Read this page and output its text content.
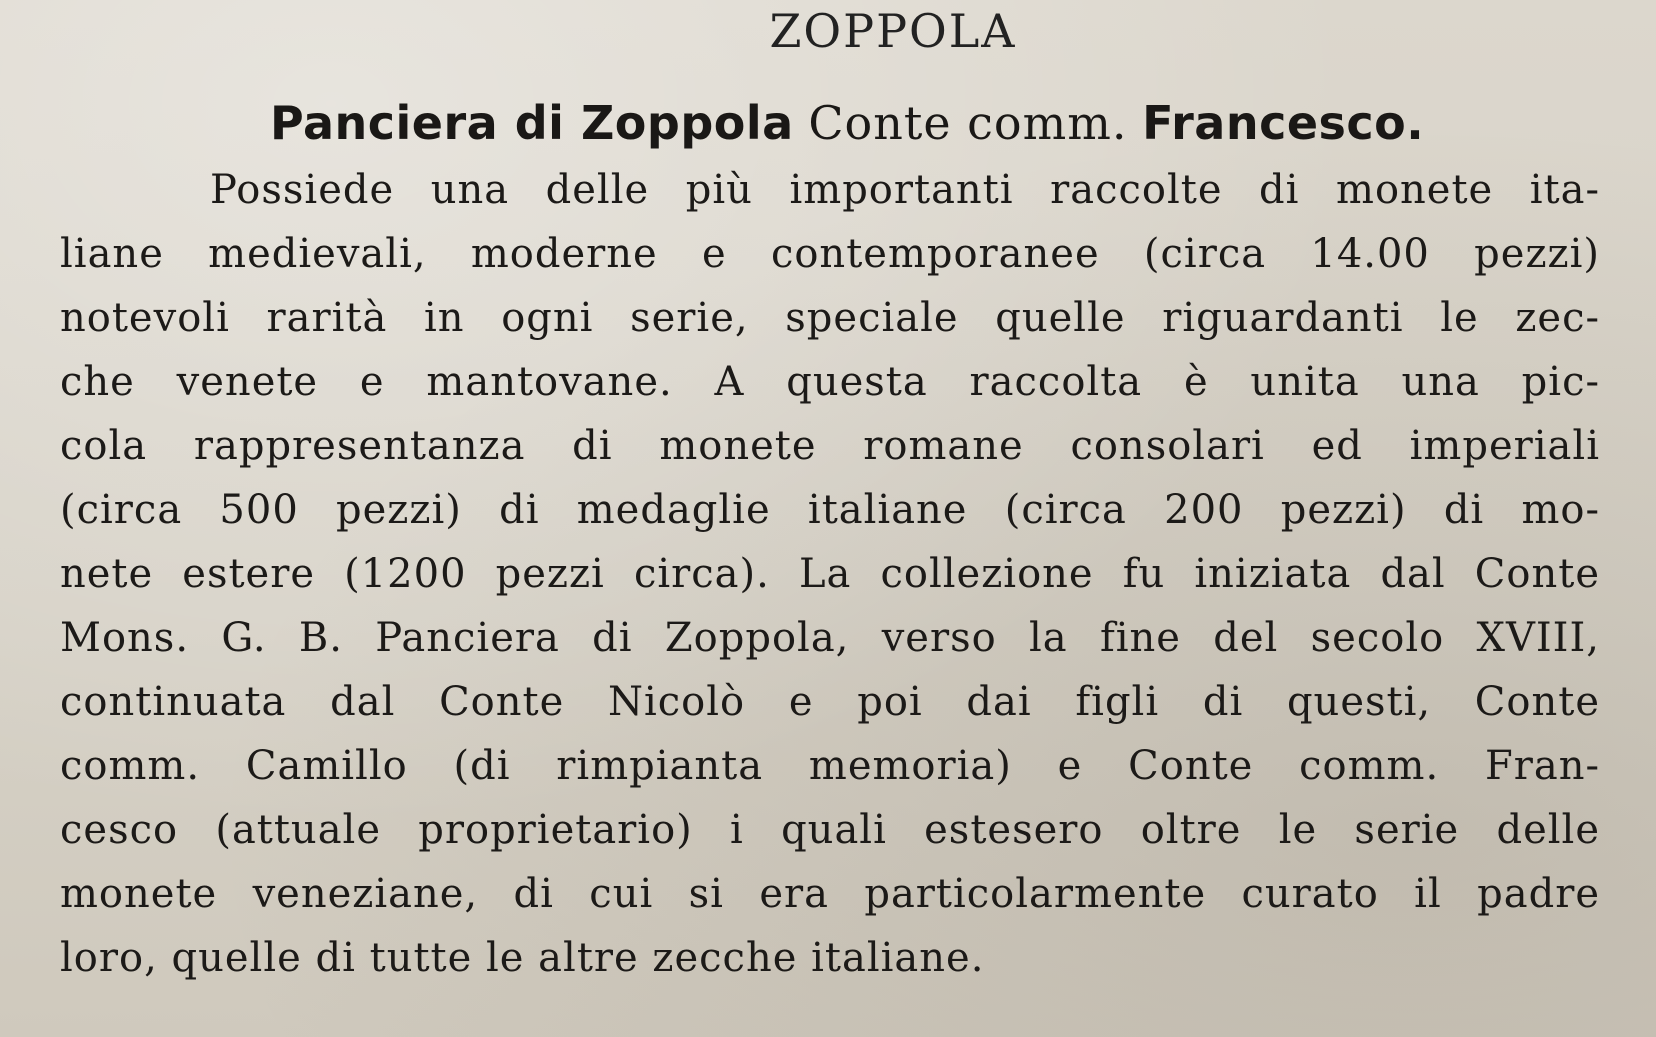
ZOPPOLA
Panciera di Zoppola Conte comm. Francesco.
Possiede una delle più importanti raccolte di monete ita-
liane medievali, moderne e contemporanee (circa 14.00 pezzi)
notevoli rarità in ogni serie, speciale quelle riguardanti le zec-
che venete e mantovane. A questa raccolta è unita una pic-
cola rappresentanza di monete romane consolari ed imperiali
(circa 500 pezzi) di medaglie italiane (circa 200 pezzi) di mo-
nete estere (1200 pezzi circa). La collezione fu iniziata dal Conte
Mons. G. B. Panciera di Zoppola, verso la fine del secolo XVIII,
continuata dal Conte Nicolò e poi dai figli di questi, Conte
comm. Camillo (di rimpianta memoria) e Conte comm. Fran-
cesco (attuale proprietario) i quali estesero oltre le serie delle
monete veneziane, di cui si era particolarmente curato il padre
loro, quelle di tutte le altre zecche italiane.
